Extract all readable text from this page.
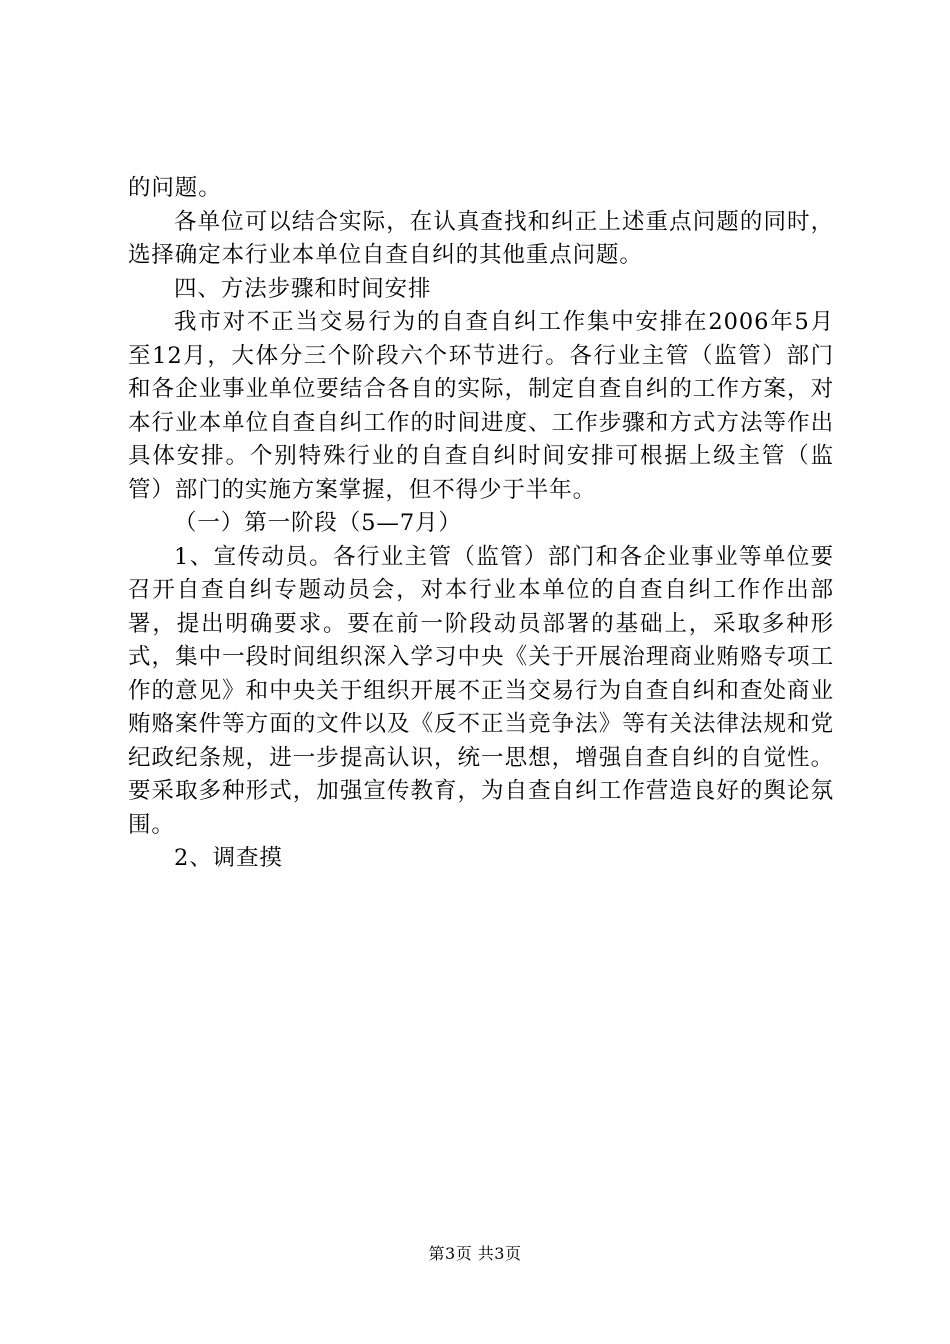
的问题。

各单位可以结合实际，在认真查找和纠正上述重点问题的同时，选择确定本行业本单位自查自纠的其他重点问题。

四、方法步骤和时间安排

我市对不正当交易行为的自查自纠工作集中安排在2006年5月至12月，大体分三个阶段六个环节进行。各行业主管（监管）部门和各企业事业单位要结合各自的实际，制定自查自纠的工作方案，对本行业本单位自查自纠工作的时间进度、工作步骤和方式方法等作出具体安排。个别特殊行业的自查自纠时间安排可根据上级主管（监管）部门的实施方案掌握，但不得少于半年。

（一）第一阶段（5—7月）

1、宣传动员。各行业主管（监管）部门和各企业事业等单位要召开自查自纠专题动员会，对本行业本单位的自查自纠工作作出部署，提出明确要求。要在前一阶段动员部署的基础上，采取多种形式，集中一段时间组织深入学习中央《关于开展治理商业贿赂专项工作的意见》和中央关于组织开展不正当交易行为自查自纠和查处商业贿赂案件等方面的文件以及《反不正当竞争法》等有关法律法规和党纪政纪条规，进一步提高认识，统一思想，增强自查自纠的自觉性。要采取多种形式，加强宣传教育，为自查自纠工作营造良好的舆论氛围。

2、调查摸

第3页 共3页
